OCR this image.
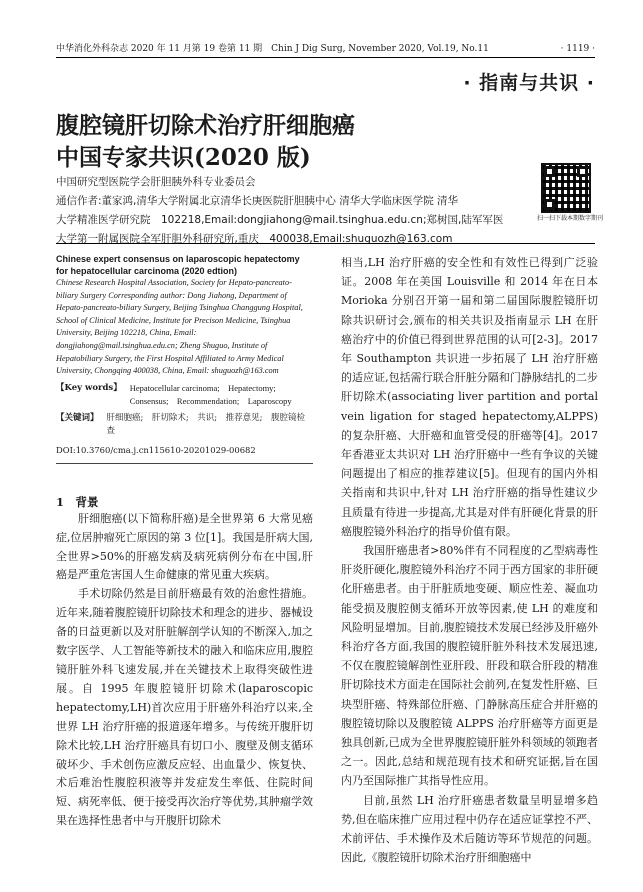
中华消化外科杂志 2020 年 11 月第 19 卷第 11 期　Chin J Dig Surg, November 2020, Vol.19, No.11	· 1119 ·
· 指南与共识 ·
腹腔镜肝切除术治疗肝细胞癌
中国专家共识(2020 版)
中国研究型医院学会肝胆胰外科专业委员会
通信作者:董家鸿,清华大学附属北京清华长庚医院肝胆胰中心 清华大学临床医学院 清华
大学精准医学研究院　102218,Email:dongjiahong@mail.tsinghua.edu.cn;郑树国,陆军军医
大学第一附属医院全军肝胆外科研究所,重庆　400038,Email:shuguozh@163.com
扫一扫下载本期数字期刊
Chinese expert consensus on laparoscopic hepatectomy for hepatocellular carcinoma (2020 edtion)
Chinese Research Hospital Association, Society for Hepato-pancreato-biliary Surgery Corresponding author: Dong Jiahong, Department of Hepato-pancreato-biliary Surgery, Beijing Tsinghua Changgung Hospital, School of Clinical Medicine, Institute for Precison Medicine, Tsinghua University, Beijing 102218, China, Email: dongjiahong@mail.tsinghua.edu.cn; Zheng Shuguo, Institute of Hepatobiliary Surgery, the First Hospital Affiliated to Army Medical University, Chongqing 400038, China, Email: shuguozh@163.com
【Key words】 Hepatocellular carcinoma;　Hepatectomy;　Consensus;　Recommendation;　Laparoscopy
【关键词】 肝细胞癌;　肝切除术;　共识;　推荐意见;　腹腔镜检查
DOI:10.3760/cma.j.cn115610-20201029-00682
1　背景

肝细胞癌(以下简称肝癌)是全世界第 6 大常见癌症,位居肿瘤死亡原因的第 3 位[1]。我国是肝病大国,全世界>50%的肝癌发病及病死病例分布在中国,肝癌是严重危害国人生命健康的常见重大疾病。

手术切除仍然是目前肝癌最有效的治愈性措施。近年来,随着腹腔镜肝切除技术和理念的进步、器械设备的日益更新以及对肝脏解剖学认知的不断深入,加之数字医学、人工智能等新技术的融入和临床应用,腹腔镜肝脏外科飞速发展,并在关键技术上取得突破性进展。自 1995 年腹腔镜肝切除术(laparoscopic hepatectomy,LH)首次应用于肝癌外科治疗以来,全世界 LH 治疗肝癌的报道逐年增多。与传统开腹肝切除术比较,LH 治疗肝癌具有切口小、腹壁及侧支循环破坏少、手术创伤应激反应轻、出血量少、恢复快、术后难治性腹腔积液等并发症发生率低、住院时间短、病死率低、便于接受再次治疗等优势,其肿瘤学效果在选择性患者中与开腹肝切除术

相当,LH 治疗肝癌的安全性和有效性已得到广泛验证。2008 年在美国 Louisville 和 2014 年在日本 Morioka 分别召开第一届和第二届国际腹腔镜肝切除共识研讨会,颁布的相关共识及指南显示 LH 在肝癌治疗中的价值已得到世界范围的认可[2-3]。2017 年 Southampton 共识进一步拓展了 LH 治疗肝癌的适应证,包括需行联合肝脏分隔和门静脉结扎的二步肝切除术(associating liver partition and portal vein ligation for staged hepatectomy,ALPPS)的复杂肝癌、大肝癌和血管受侵的肝癌等[4]。2017 年香港亚太共识对 LH 治疗肝癌中一些有争议的关键问题提出了相应的推荐建议[5]。但现有的国内外相关指南和共识中,针对 LH 治疗肝癌的指导性建议少且质量有待进一步提高,尤其是对伴有肝硬化背景的肝癌腹腔镜外科治疗的指导价值有限。

我国肝癌患者>80%伴有不同程度的乙型病毒性肝炎肝硬化,腹腔镜外科治疗不同于西方国家的非肝硬化肝癌患者。由于肝脏质地变硬、顺应性差、凝血功能受损及腹腔侧支循环开放等因素,使 LH 的难度和风险明显增加。目前,腹腔镜技术发展已经涉及肝癌外科治疗各方面,我国的腹腔镜肝脏外科技术发展迅速,不仅在腹腔镜解剖性亚肝段、肝段和联合肝段的精准肝切除技术方面走在国际社会前列,在复发性肝癌、巨块型肝癌、特殊部位肝癌、门静脉高压症合并肝癌的腹腔镜切除以及腹腔镜 ALPPS 治疗肝癌等方面更是独具创新,已成为全世界腹腔镜肝脏外科领域的领跑者之一。因此,总结和规范现有技术和研究证据,旨在国内乃至国际推广其指导性应用。

目前,虽然 LH 治疗肝癌患者数量呈明显增多趋势,但在临床推广应用过程中仍存在适应证掌控不严、术前评估、手术操作及术后随访等环节规范的问题。因此,《腹腔镜肝切除术治疗肝细胞癌中
